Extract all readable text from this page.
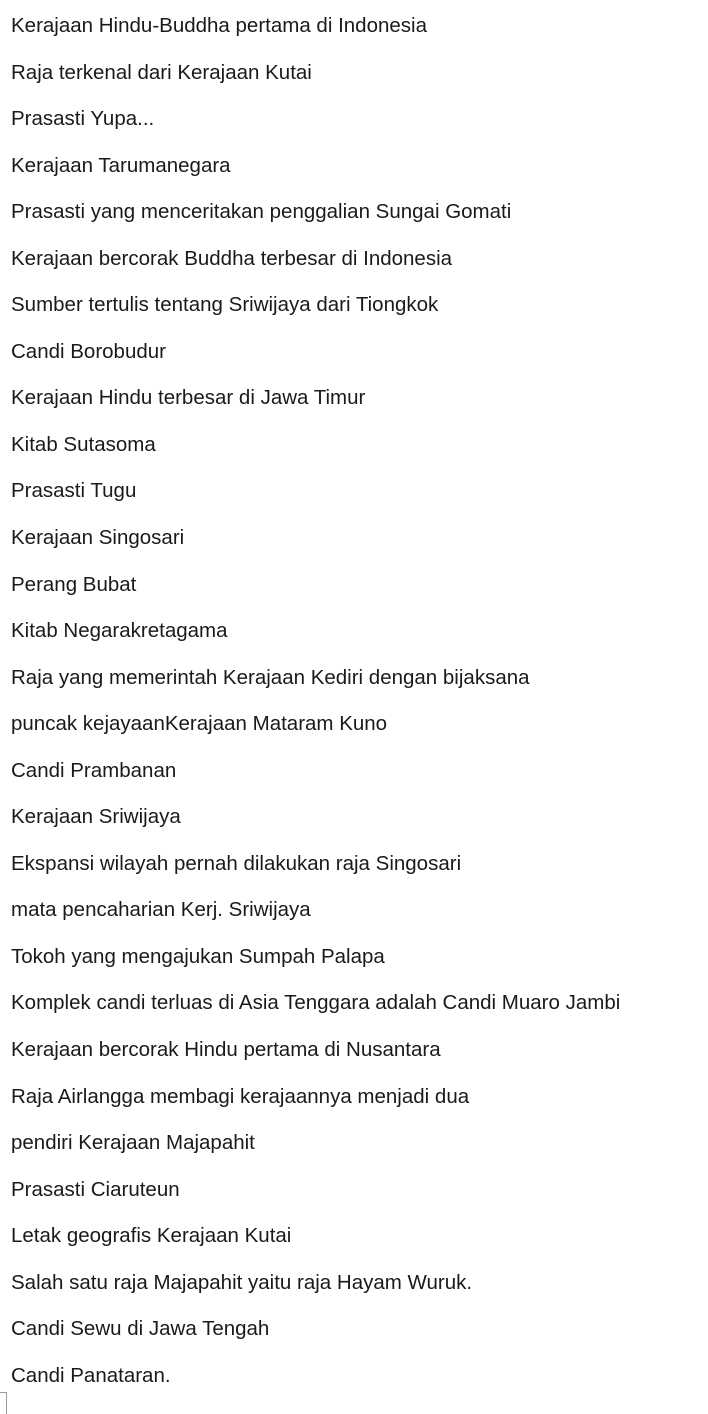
Kerajaan Hindu-Buddha pertama di Indonesia
Raja terkenal dari Kerajaan Kutai
Prasasti Yupa...
Kerajaan Tarumanegara
Prasasti yang menceritakan penggalian Sungai Gomati
Kerajaan bercorak Buddha terbesar di Indonesia
Sumber tertulis tentang Sriwijaya dari Tiongkok
Candi Borobudur
Kerajaan Hindu terbesar di Jawa Timur
Kitab Sutasoma
Prasasti Tugu
Kerajaan Singosari
Perang Bubat
Kitab Negarakretagama
Raja yang memerintah Kerajaan Kediri dengan bijaksana
puncak kejayaanKerajaan Mataram Kuno
Candi Prambanan
Kerajaan Sriwijaya
Ekspansi wilayah pernah dilakukan raja Singosari
mata pencaharian Kerj. Sriwijaya
Tokoh yang mengajukan Sumpah Palapa
Komplek candi terluas di Asia Tenggara adalah Candi Muaro Jambi
Kerajaan bercorak Hindu pertama di Nusantara
Raja Airlangga membagi kerajaannya menjadi dua
pendiri Kerajaan Majapahit
Prasasti Ciaruteun
Letak geografis Kerajaan Kutai
Salah satu raja Majapahit yaitu raja Hayam Wuruk.
Candi Sewu di Jawa Tengah
Candi Panataran.
